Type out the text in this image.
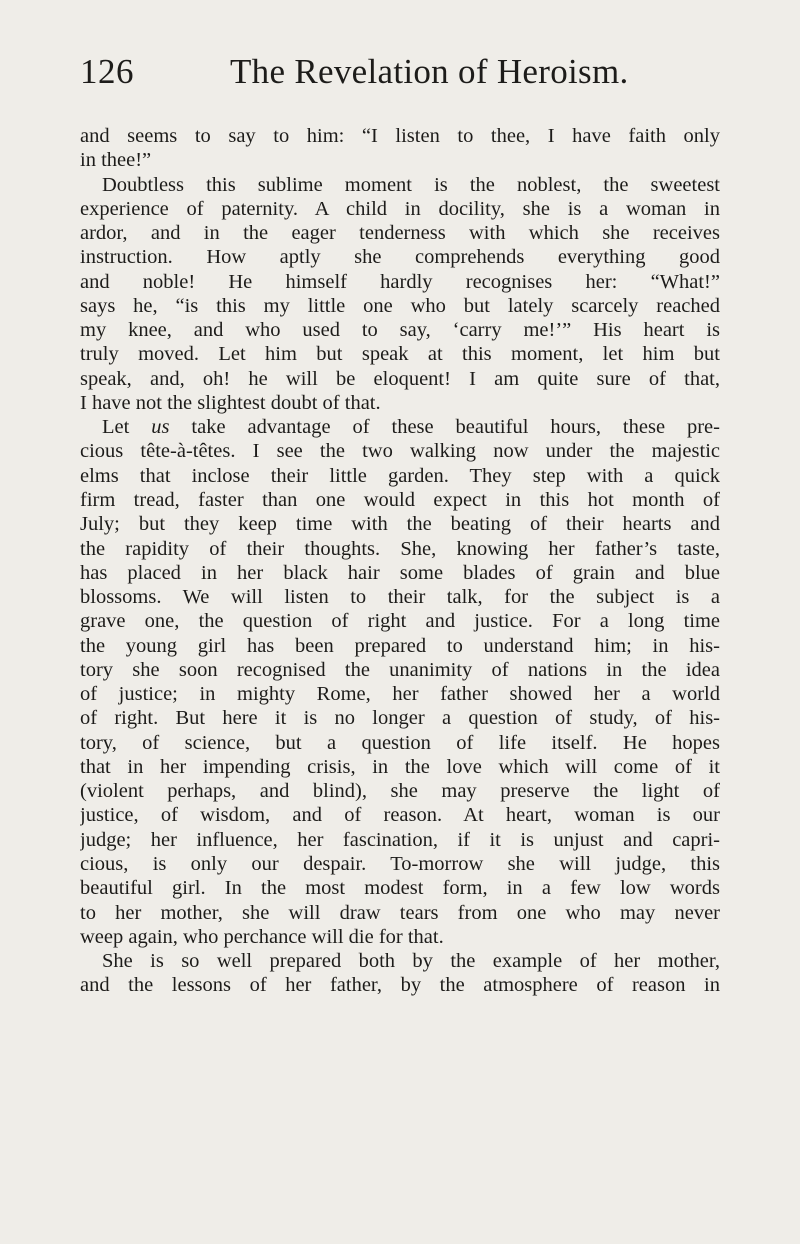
126	The Revelation of Heroism.
and seems to say to him: “I listen to thee, I have faith only
in thee!”
Doubtless this sublime moment is the noblest, the sweetest
experience of paternity. A child in docility, she is a woman in
ardor, and in the eager tenderness with which she receives
instruction. How aptly she comprehends everything good
and noble! He himself hardly recognises her: “What!”
says he, “is this my little one who but lately scarcely reached
my knee, and who used to say, ‘carry me!’” His heart is
truly moved. Let him but speak at this moment, let him but
speak, and, oh! he will be eloquent! I am quite sure of that,
I have not the slightest doubt of that.
Let us take advantage of these beautiful hours, these pre-
cious tête-à-têtes. I see the two walking now under the majestic
elms that inclose their little garden. They step with a quick
firm tread, faster than one would expect in this hot month of
July; but they keep time with the beating of their hearts and
the rapidity of their thoughts. She, knowing her father’s taste,
has placed in her black hair some blades of grain and blue
blossoms. We will listen to their talk, for the subject is a
grave one, the question of right and justice. For a long time
the young girl has been prepared to understand him; in his-
tory she soon recognised the unanimity of nations in the idea
of justice; in mighty Rome, her father showed her a world
of right. But here it is no longer a question of study, of his-
tory, of science, but a question of life itself. He hopes
that in her impending crisis, in the love which will come of it
(violent perhaps, and blind), she may preserve the light of
justice, of wisdom, and of reason. At heart, woman is our
judge; her influence, her fascination, if it is unjust and capri-
cious, is only our despair. To-morrow she will judge, this
beautiful girl. In the most modest form, in a few low words
to her mother, she will draw tears from one who may never
weep again, who perchance will die for that.
She is so well prepared both by the example of her mother,
and the lessons of her father, by the atmosphere of reason in
